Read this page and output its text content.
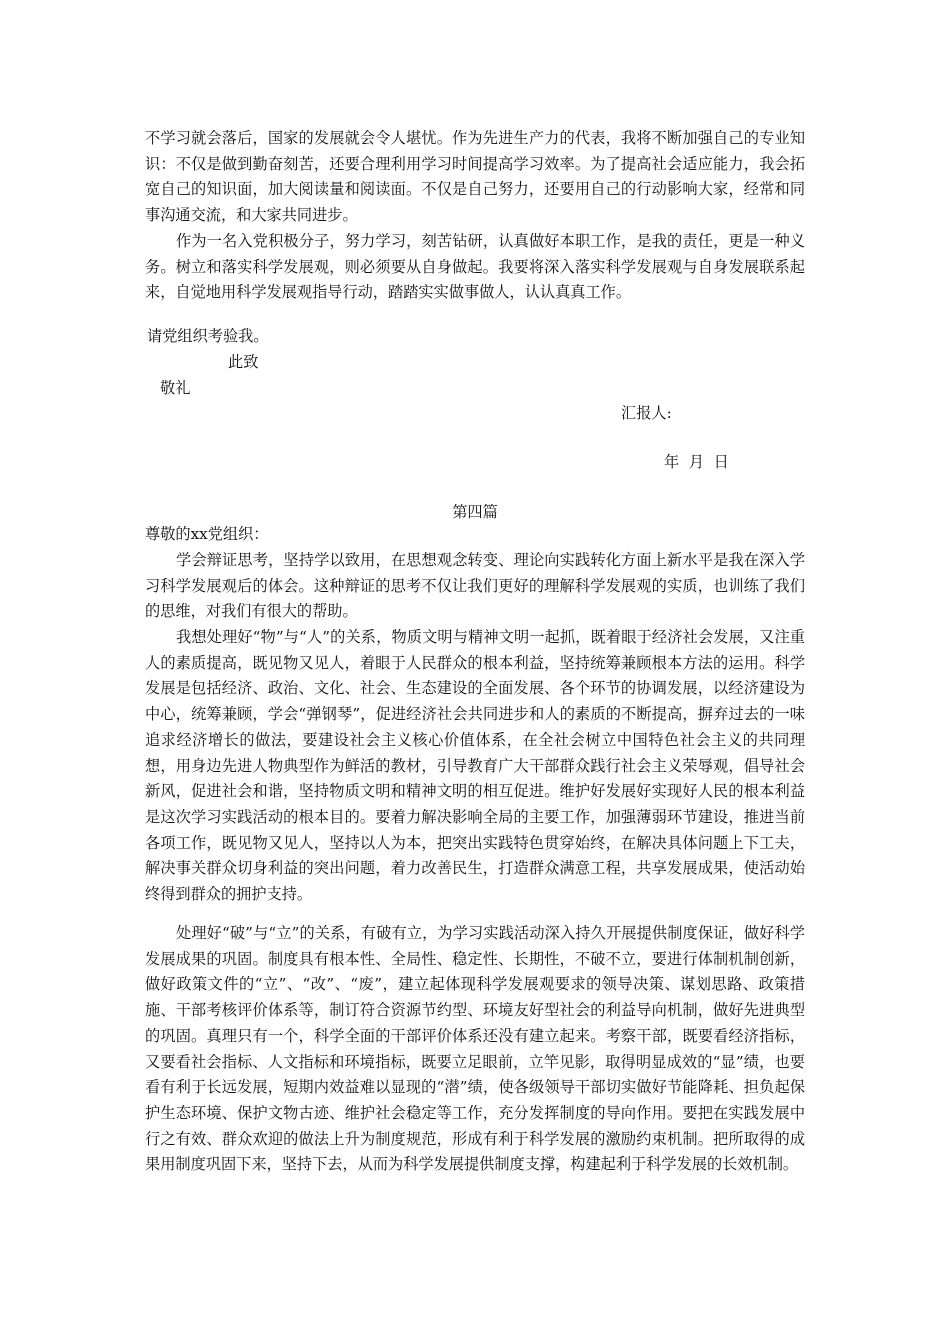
不学习就会落后，国家的发展就会令人堪忧。作为先进生产力的代表，我将不断加强自己的专业知识：不仅是做到勤奋刻苦，还要合理利用学习时间提高学习效率。为了提高社会适应能力，我会拓宽自己的知识面，加大阅读量和阅读面。不仅是自己努力，还要用自己的行动影响大家，经常和同事沟通交流，和大家共同进步。

作为一名入党积极分子，努力学习，刻苦钻研，认真做好本职工作，是我的责任，更是一种义务。树立和落实科学发展观，则必须要从自身做起。我要将深入落实科学发展观与自身发展联系起来，自觉地用科学发展观指导行动，踏踏实实做事做人，认认真真工作。

请党组织考验我。
此致
敬礼
汇报人:
年  月  日
第四篇
尊敬的xx党组织：

学会辩证思考，坚持学以致用，在思想观念转变、理论向实践转化方面上新水平是我在深入学习科学发展观后的体会。这种辩证的思考不仅让我们更好的理解科学发展观的实质，也训练了我们的思维，对我们有很大的帮助。

我想处理好“物”与“人”的关系，物质文明与精神文明一起抓，既着眼于经济社会发展，又注重人的素质提高，既见物又见人，着眼于人民群众的根本利益，坚持统筹兼顾根本方法的运用。科学发展是包括经济、政治、文化、社会、生态建设的全面发展、各个环节的协调发展，以经济建设为中心，统筹兼顾，学会“弹钢琴”，促进经济社会共同进步和人的素质的不断提高，摒弃过去的一味追求经济增长的做法，要建设社会主义核心价值体系，在全社会树立中国特色社会主义的共同理想，用身边先进人物典型作为鲜活的教材，引导教育广大干部群众践行社会主义荣辱观，倡导社会新风，促进社会和谐，坚持物质文明和精神文明的相互促进。维护好发展好实现好人民的根本利益是这次学习实践活动的根本目的。要着力解决影响全局的主要工作，加强薄弱环节建设，推进当前各项工作，既见物又见人，坚持以人为本，把突出实践特色贯穿始终，在解决具体问题上下工夫，解决事关群众切身利益的突出问题，着力改善民生，打造群众满意工程，共享发展成果，使活动始终得到群众的拥护支持。

处理好“破”与“立”的关系，有破有立，为学习实践活动深入持久开展提供制度保证，做好科学发展成果的巩固。制度具有根本性、全局性、稳定性、长期性，不破不立，要进行体制机制创新，做好政策文件的“立”、“改”、“废”，建立起体现科学发展观要求的领导决策、谋划思路、政策措施、干部考核评价体系等，制订符合资源节约型、环境友好型社会的利益导向机制，做好先进典型的巩固。真理只有一个，科学全面的干部评价体系还没有建立起来。考察干部，既要看经济指标，又要看社会指标、人文指标和环境指标，既要立足眼前，立竿见影，取得明显成效的“显”绩，也要看有利于长远发展，短期内效益难以显现的“潜”绩，使各级领导干部切实做好节能降耗、担负起保护生态环境、保护文物古迹、维护社会稳定等工作，充分发挥制度的导向作用。要把在实践发展中行之有效、群众欢迎的做法上升为制度规范，形成有利于科学发展的激励约束机制。把所取得的成果用制度巩固下来，坚持下去，从而为科学发展提供制度支撑，构建起利于科学发展的长效机制。
